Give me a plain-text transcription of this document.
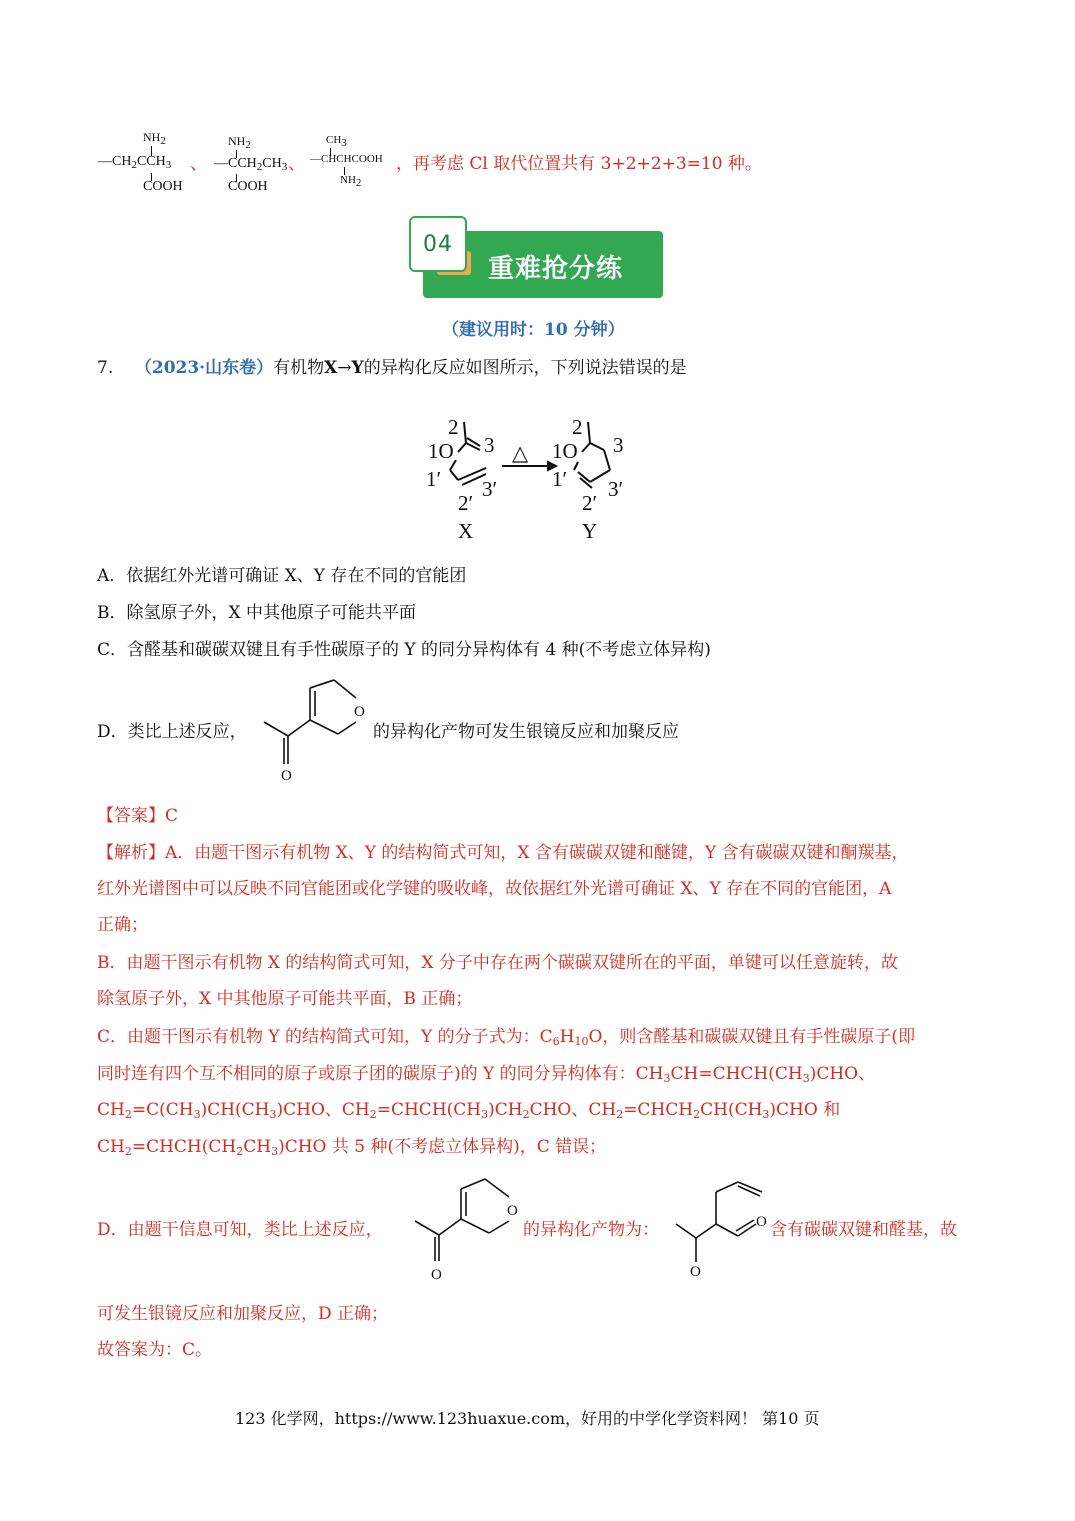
$NH_2$
$—CH_2CCH_3$
COOH
、
$NH_2$
$—CCH_2CH_3$
COOH
、
$CH_3$
—CHCHCOOH
$NH_2$
，再考虑 Cl 取代位置共有 3+2+2+3=10 种。
04
重难抢分练
（建议用时：10 分钟）
7. （2023·山东卷）有机物X→Y的异构化反应如图所示，下列说法错误的是
2
1O 3
1′
2′
3′
X
△
2
1O 3
1′
2′
3′
Y
A．依据红外光谱可确证 X、Y 存在不同的官能团
B．除氢原子外，X 中其他原子可能共平面
C．含醛基和碳碳双键且有手性碳原子的 Y 的同分异构体有 4 种(不考虑立体异构)
D．类比上述反应，
O
O
的异构化产物可发生银镜反应和加聚反应
【答案】C
【解析】A．由题干图示有机物 X、Y 的结构简式可知，X 含有碳碳双键和醚键，Y 含有碳碳双键和酮羰基，
红外光谱图中可以反映不同官能团或化学键的吸收峰，故依据红外光谱可确证 X、Y 存在不同的官能团，A
正确；
B．由题干图示有机物 X 的结构简式可知，X 分子中存在两个碳碳双键所在的平面，单键可以任意旋转，故
除氢原子外，X 中其他原子可能共平面，B 正确；
C．由题干图示有机物 Y 的结构简式可知，Y 的分子式为：$C_6H_{10}O$，则含醛基和碳碳双键且有手性碳原子(即
同时连有四个互不相同的原子或原子团的碳原子)的 Y 的同分异构体有：$CH_3CH=CHCH(CH_3)CHO$、
$CH_2=C(CH_3)CH(CH_3)CHO$、$CH_2=CHCH(CH_3)CH_2CHO$、$CH_2=CHCH_2CH(CH_3)CHO$ 和
$CH_2=CHCH(CH_2CH_3)CHO$ 共 5 种(不考虑立体异构)，C 错误；
D．由题干信息可知，类比上述反应，
O
O
的异构化产物为：	O
O
含有碳碳双键和醛基，故
可发生银镜反应和加聚反应，D 正确；
故答案为：C。
123 化学网，https://www.123huaxue.com，好用的中学化学资料网！ 第10 页
